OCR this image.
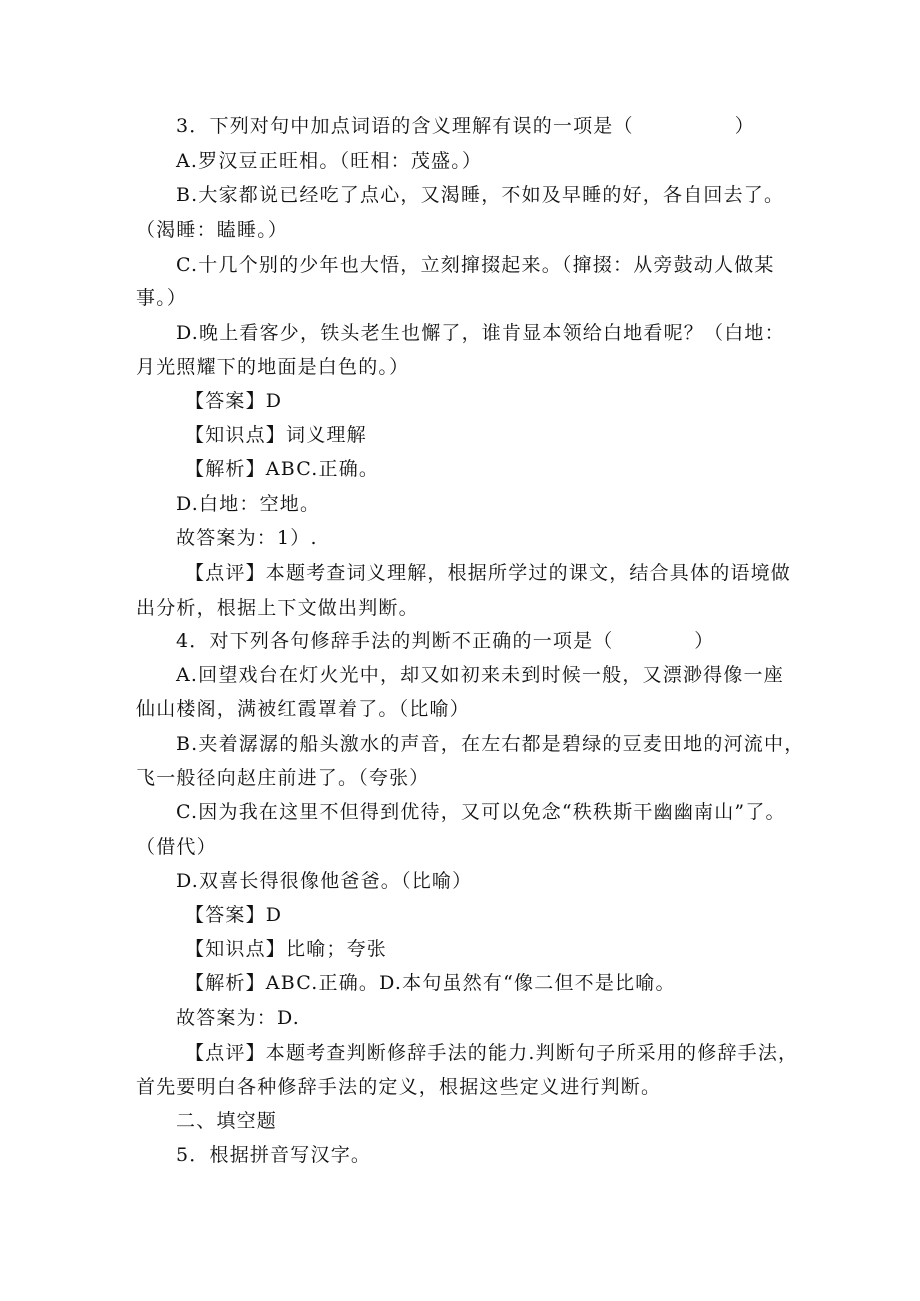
3．下列对句中加点词语的含义理解有误的一项是（　　　　　）
A.罗汉豆正旺相。（旺相：茂盛。）
B.大家都说已经吃了点心，又渴睡，不如及早睡的好，各自回去了。
（渴睡：瞌睡。）
C.十几个别的少年也大悟，立刻撺掇起来。（撺掇：从旁鼓动人做某
事。）
D.晚上看客少，铁头老生也懈了，谁肯显本领给白地看呢？（白地：
月光照耀下的地面是白色的。）
【答案】D
【知识点】词义理解
【解析】ABC.正确。
D.白地：空地。
故答案为：1）.
【点评】本题考查词义理解，根据所学过的课文，结合具体的语境做
出分析，根据上下文做出判断。
4．对下列各句修辞手法的判断不正确的一项是（　　　　）
A.回望戏台在灯火光中，却又如初来未到时候一般，又漂渺得像一座
仙山楼阁，满被红霞罩着了。（比喻）
B.夹着潺潺的船头激水的声音，在左右都是碧绿的豆麦田地的河流中，
飞一般径向赵庄前进了。（夸张）
C.因为我在这里不但得到优待，又可以免念“秩秩斯干幽幽南山”了。
（借代）
D.双喜长得很像他爸爸。（比喻）
【答案】D
【知识点】比喻；夸张
【解析】ABC.正确。D.本句虽然有“像二但不是比喻。
故答案为：D.
【点评】本题考查判断修辞手法的能力.判断句子所采用的修辞手法，
首先要明白各种修辞手法的定义，根据这些定义进行判断。
二、填空题
5．根据拼音写汉字。
